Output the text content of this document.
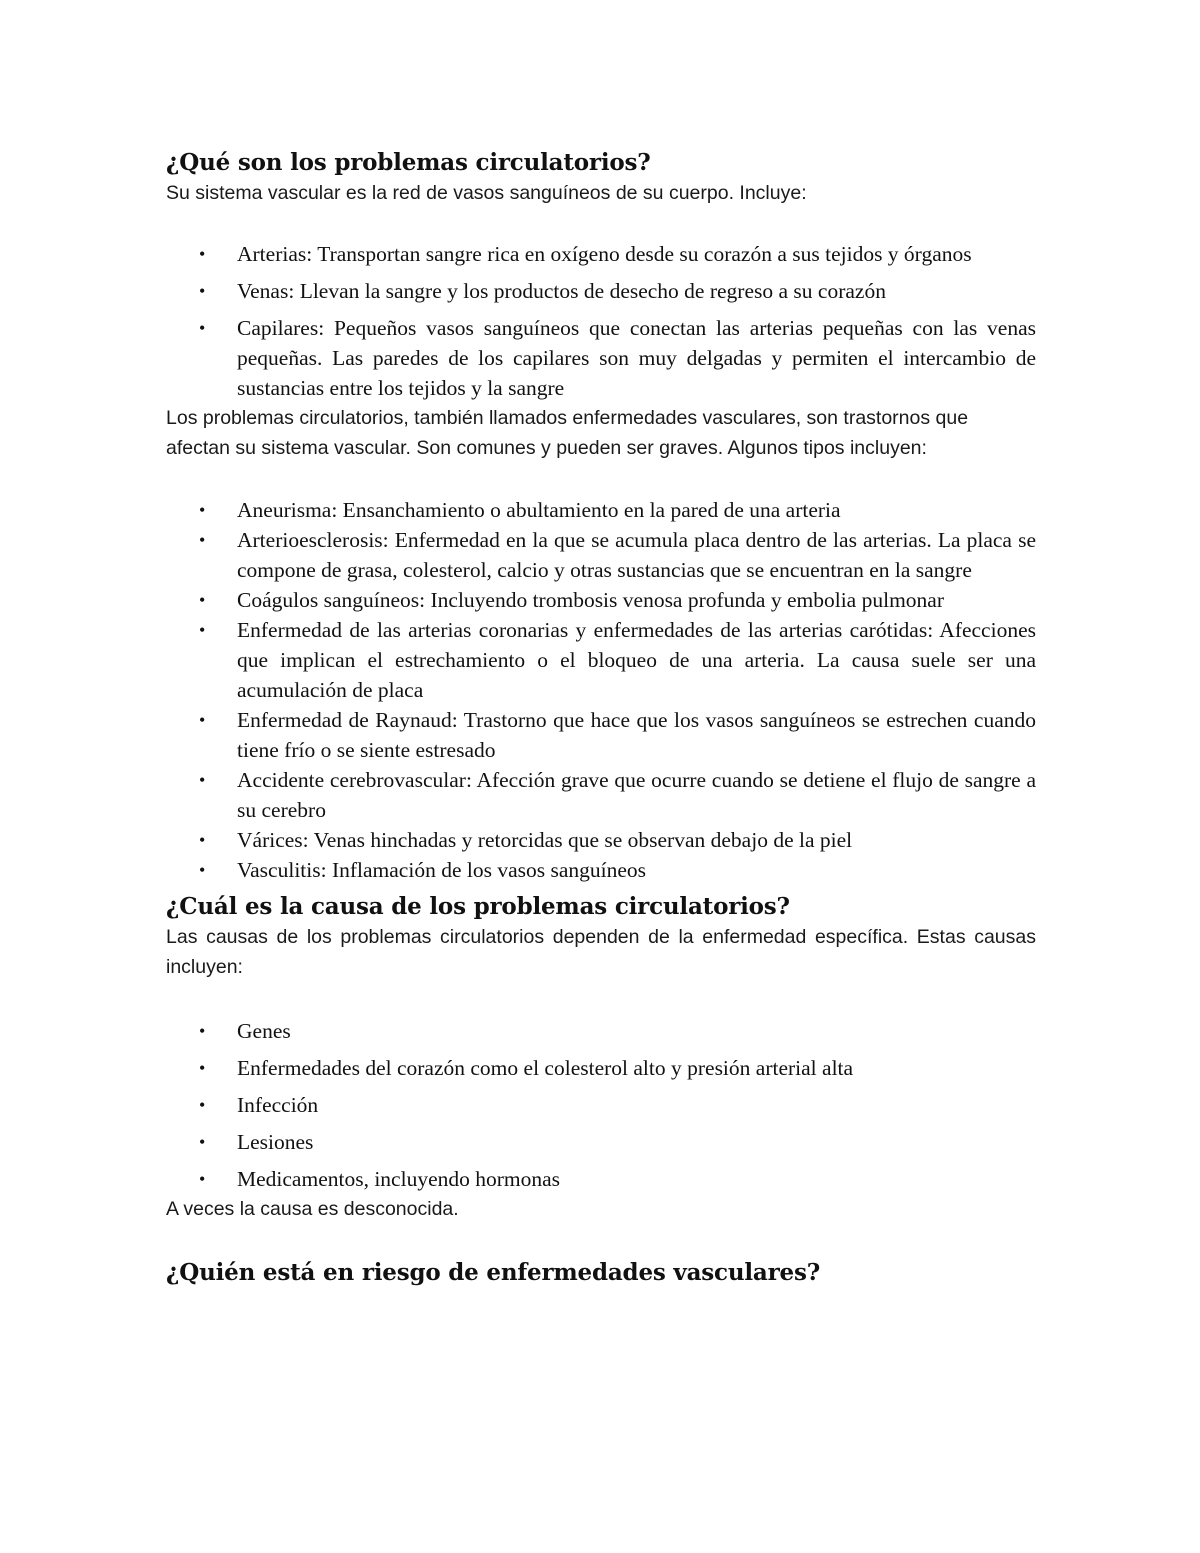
¿Qué son los problemas circulatorios?

Su sistema vascular es la red de vasos sanguíneos de su cuerpo. Incluye:

• Arterias: Transportan sangre rica en oxígeno desde su corazón a sus tejidos y órganos
• Venas: Llevan la sangre y los productos de desecho de regreso a su corazón
• Capilares: Pequeños vasos sanguíneos que conectan las arterias pequeñas con las venas pequeñas. Las paredes de los capilares son muy delgadas y permiten el intercambio de sustancias entre los tejidos y la sangre

Los problemas circulatorios, también llamados enfermedades vasculares, son trastornos que afectan su sistema vascular. Son comunes y pueden ser graves. Algunos tipos incluyen:

• Aneurisma: Ensanchamiento o abultamiento en la pared de una arteria
• Arterioesclerosis: Enfermedad en la que se acumula placa dentro de las arterias. La placa se compone de grasa, colesterol, calcio y otras sustancias que se encuentran en la sangre
• Coágulos sanguíneos: Incluyendo trombosis venosa profunda y embolia pulmonar
• Enfermedad de las arterias coronarias y enfermedades de las arterias carótidas: Afecciones que implican el estrechamiento o el bloqueo de una arteria. La causa suele ser una acumulación de placa
• Enfermedad de Raynaud: Trastorno que hace que los vasos sanguíneos se estrechen cuando tiene frío o se siente estresado
• Accidente cerebrovascular: Afección grave que ocurre cuando se detiene el flujo de sangre a su cerebro
• Várices: Venas hinchadas y retorcidas que se observan debajo de la piel
• Vasculitis: Inflamación de los vasos sanguíneos
¿Cuál es la causa de los problemas circulatorios?

Las causas de los problemas circulatorios dependen de la enfermedad específica. Estas causas incluyen:

• Genes
• Enfermedades del corazón como el colesterol alto y presión arterial alta
• Infección
• Lesiones
• Medicamentos, incluyendo hormonas

A veces la causa es desconocida.

¿Quién está en riesgo de enfermedades vasculares?
